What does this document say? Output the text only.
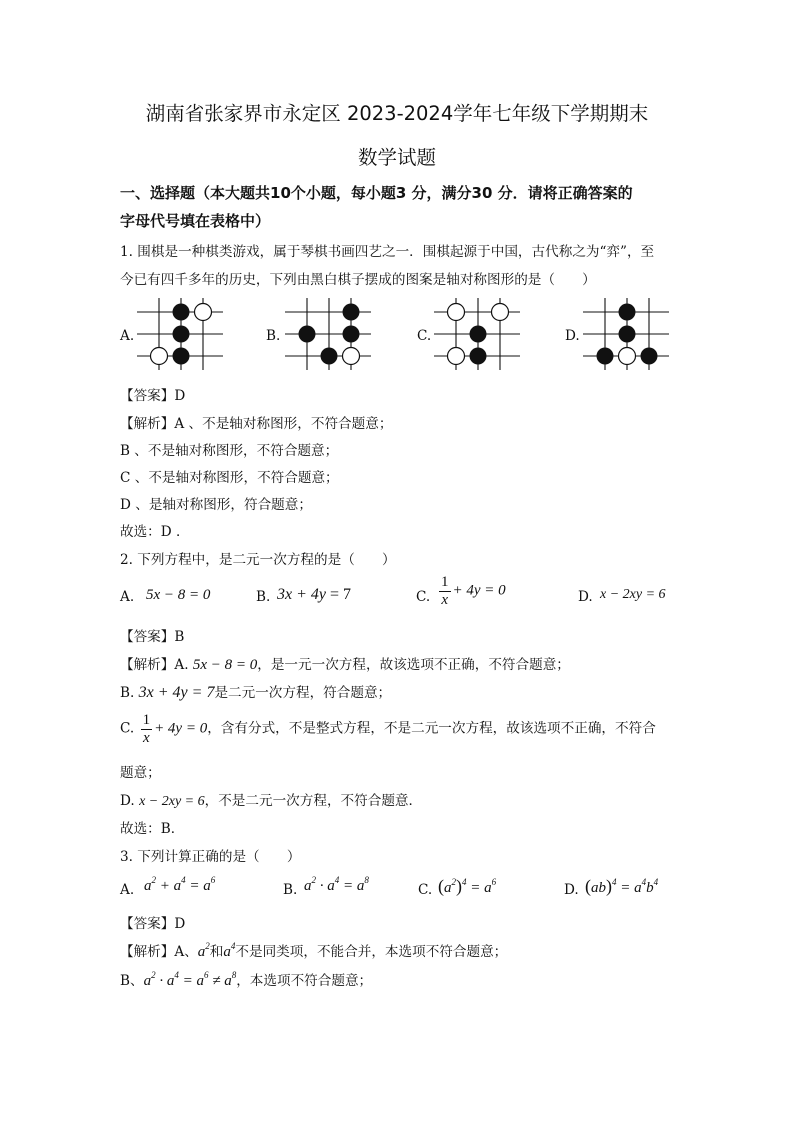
湖南省张家界市永定区 2023-2024学年七年级下学期期末
数学试题
一、选择题（本大题共10个小题，每小题3 分，满分30 分．请将正确答案的
字母代号填在表格中）
1. 围棋是一种棋类游戏，属于琴棋书画四艺之一．围棋起源于中国，古代称之为“弈”，至
今已有四千多年的历史，下列由黑白棋子摆成的图案是轴对称图形的是（　　）
A.	B.	C.	D.
【答案】D
【解析】A 、不是轴对称图形，不符合题意；
B 、不是轴对称图形，不符合题意；
C 、不是轴对称图形，不符合题意；
D 、是轴对称图形，符合题意；
故选：D ．
2. 下列方程中，是二元一次方程的是（　　）
A. 5x − 8 = 0	B. 3x + 4y = 7	C. $\frac{1}{x} + 4y = 0$	D. x − 2xy = 6
【答案】B
【解析】A. 5x − 8 = 0，是一元一次方程，故该选项不正确，不符合题意；
B. 3x + 4y = 7是二元一次方程，符合题意；
C. $\frac{1}{x} + 4y = 0$，含有分式，不是整式方程，不是二元一次方程，故该选项不正确，不符合
题意；
D. x − 2xy = 6，不是二元一次方程，不符合题意．
故选：B．
3. 下列计算正确的是（　　）
A. $a^2 + a^4 = a^6$
B. $a^2 \cdot a^4 = a^8$
C. $(a^2)^4 = a^6$	D. $(ab)^4 = a^4b^4$
【答案】D
【解析】A、$a^2$和$a^4$不是同类项，不能合并，本选项不符合题意；
B、$a^2 \cdot a^4 = a^6 \ne a^8$，本选项不符合题意；
